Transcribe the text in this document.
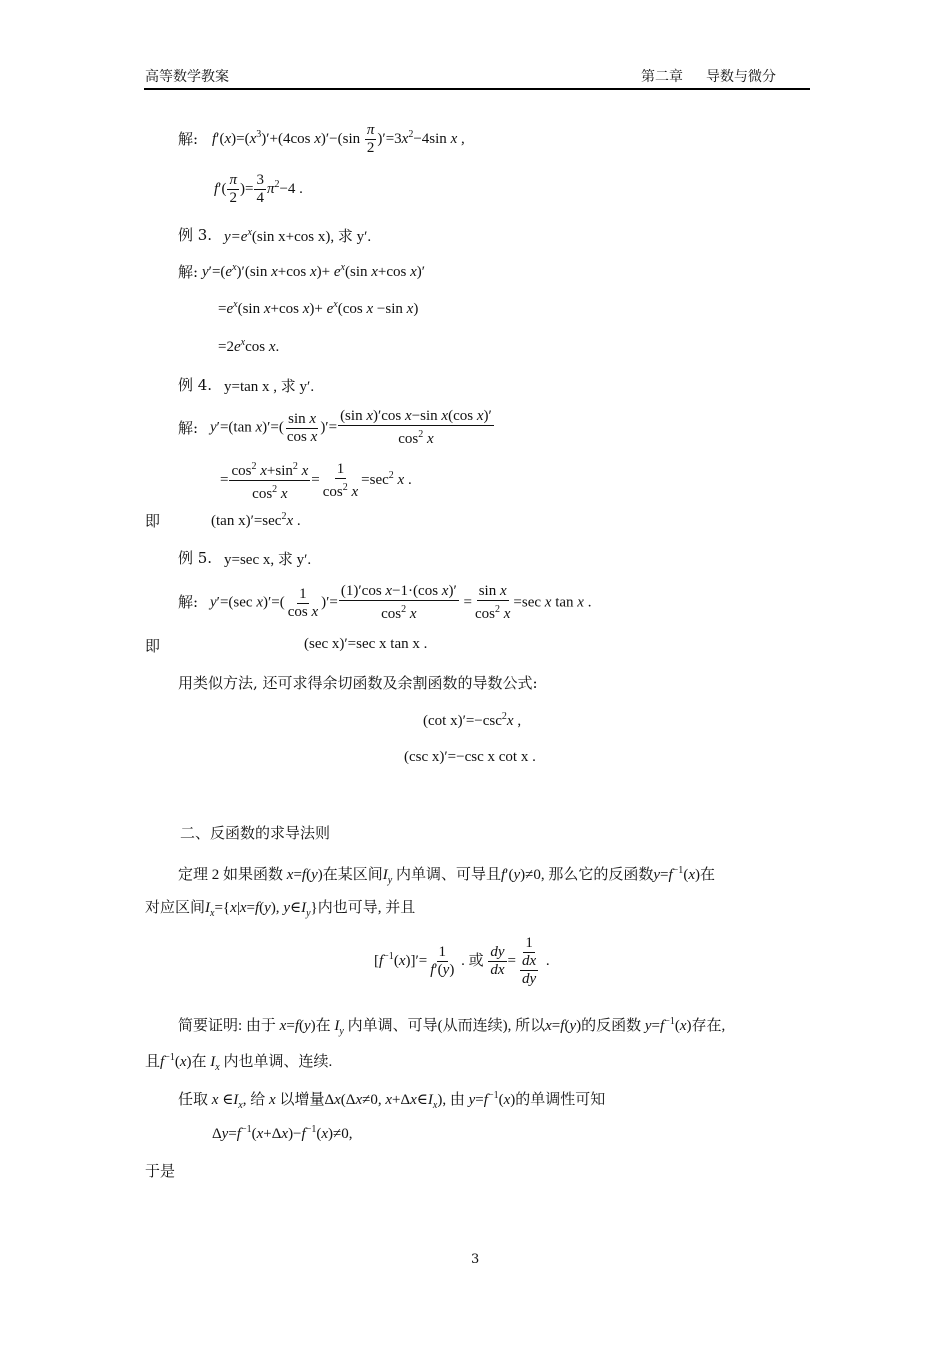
高等数学教案	第二章 导数与微分
解: $f'(x)=(x^3)'+(4\cos$ $x)'-(\sin \frac{\pi}{2} )'=3x^2-4\sin$ x ,
$f'( \frac{\pi}{2}$ )= $\frac{3}{4} \pi^2-4$ .
例 3. $y=e^x(\sin$ x+cos x), 求 y′.
解: $y'=(e^x)'(\sin$ x+cos $x)+ e^x(\sin$ x+cos x)′
$=e^x(\sin$ x+cos $x)+ e^x(\cos$ x −sin x)
$=2e^x\cos$ x.
例 4. y=tan x , 求 y′.
解: y′=(tan $x)'=( \frac{\text{sin x}}{\text{cos x}}$ )′= $\frac{\text{(sin x)′cos x−sin x(cos x)′}}{\cos^2 x}$
= $\frac{\cos^2 x+\sin^2 x}{\cos^2 x} = \frac{1}{\cos^2 x} =\sec^2$ x .
即	(tan $x)'=\sec^2x$ .
例 5. y=sec x, 求 y′.
解: y′=(sec $x)'=( \frac{1}{\text{cos x}}$ )′= $\frac{\text{(1)′cos x−1·(cos x)′}}{\cos^2 x} = \frac{\text{sin x}}{\cos^2 x} =\sec$ x tan x .
即	(sec x)′=sec x tan x .
用类似方法, 还可求得余切函数及余割函数的导数公式:
(cot $x)'=-\csc^2x$ ,
(csc x)′=−csc x cot x .
二、反函数的求导法则
定理 2 如果函数 x=f(y)在某区间$I_y$ 内单调、可导且f′(y)≠0, 那么它的反函数$y=f^{-1}(x)$在
对应区间$I_x=\{x|x=f(y)$, $y\in I_y$}内也可导, 并且
$[f^{-1}(x)]'= \frac{1}{f'(y)}$ . 或 $\frac{dy}{dx} = \frac{1}{\frac{dx}{dy}}$ .
简要证明: 由于 x=f(y)在 $I_y$ 内单调、可导(从而连续), 所以x=f(y)的反函数 $y=f^{-1}(x)$存在,
且$f^{-1}(x)$在 $I_x$ 内也单调、连续.
任取 x $\in I_x$, 给 x 以增量Δx(Δx≠0, $x+\Delta x\in I_x$), 由 $y=f^{-1}(x)$的单调性可知
$\Delta y=f^{-1}(x+\Delta x)-f^{-1}(x)\ne 0$,
于是
3
